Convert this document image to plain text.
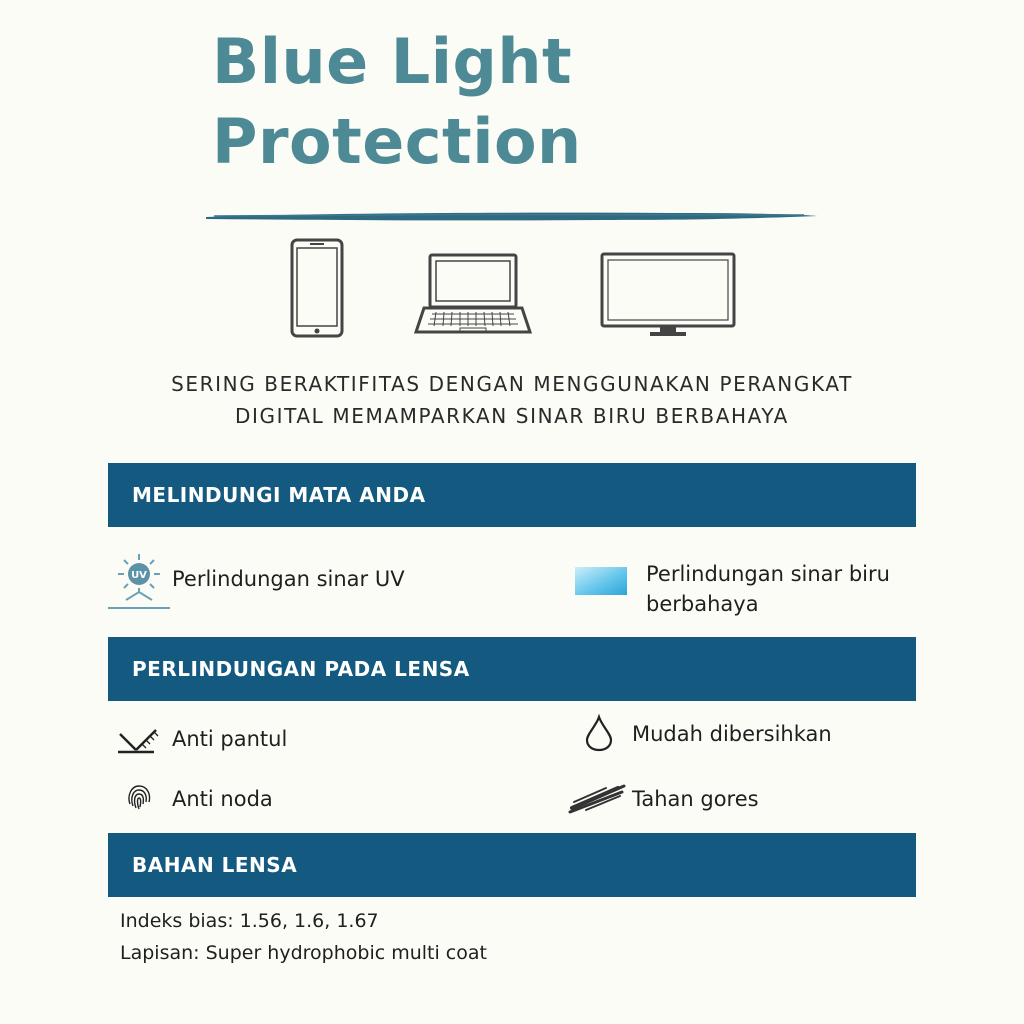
Blue Light
Protection
SERING BERAKTIFITAS DENGAN MENGGUNAKAN PERANGKAT
DIGITAL MEMAMPARKAN SINAR BIRU BERBAHAYA
MELINDUNGI MATA ANDA
UV Perlindungan sinar UV	Perlindungan sinar biru
berbahaya
PERLINDUNGAN PADA LENSA
Anti pantul	Mudah dibersihkan
Anti noda	Tahan gores
BAHAN LENSA
Indeks bias: 1.56, 1.6, 1.67
Lapisan: Super hydrophobic multi coat
